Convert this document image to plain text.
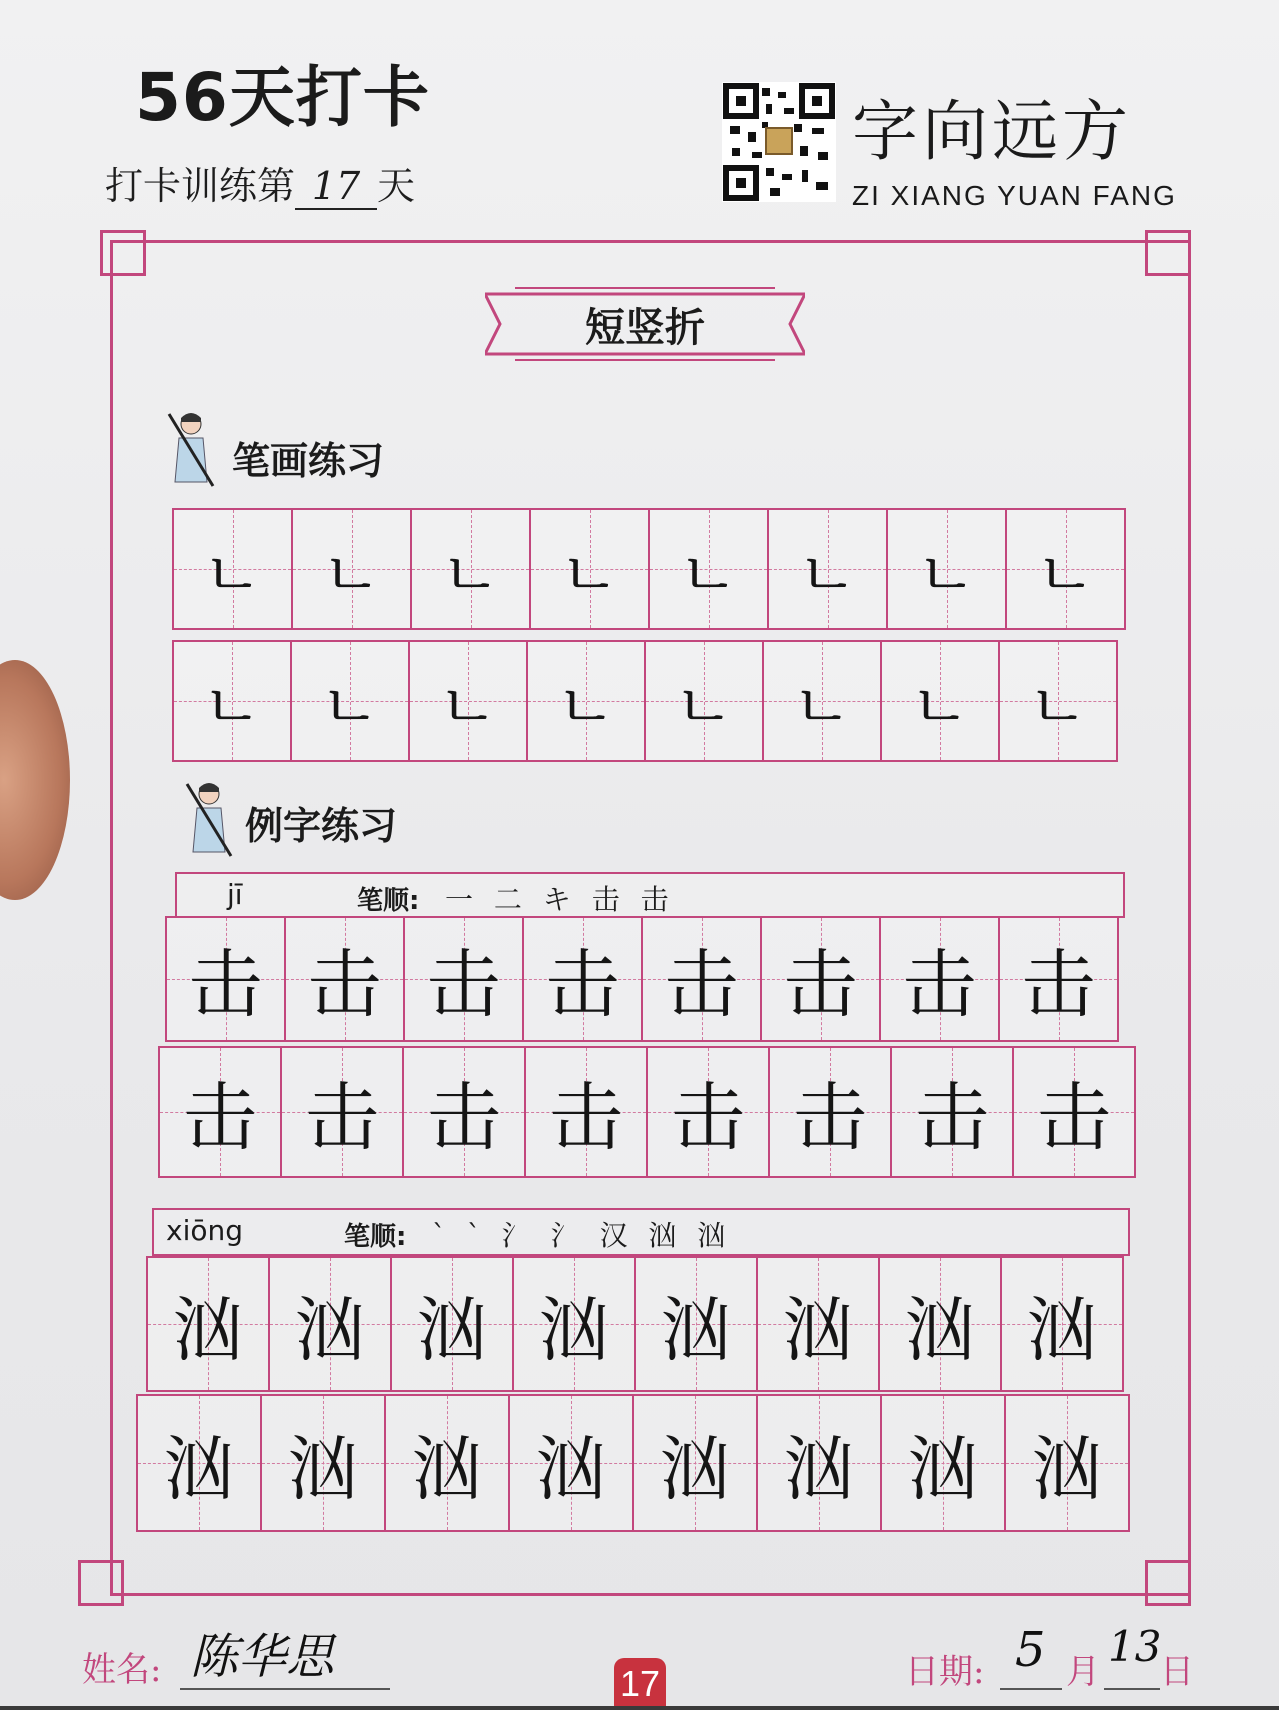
56天打卡
打卡训练第 17 天
字向远方
ZI XIANG YUAN FANG
短竖折
笔画练习
ㄴ ㄴ ㄴ ㄴ ㄴ ㄴ ㄴ ㄴ
ㄴ ㄴ ㄴ ㄴ ㄴ ㄴ ㄴ ㄴ
例字练习
jī	笔顺: 一 二 キ 击 击
击 击 击 击 击 击 击 击
击 击 击 击 击 击 击 击
xiōng	笔顺: ` ` 氵 氵 汉 汹 汹
汹 汹 汹 汹 汹 汹 汹 汹
汹 汹 汹 汹 汹 汹 汹 汹
姓名: 陈华思	17	日期: 5 月
13
日
